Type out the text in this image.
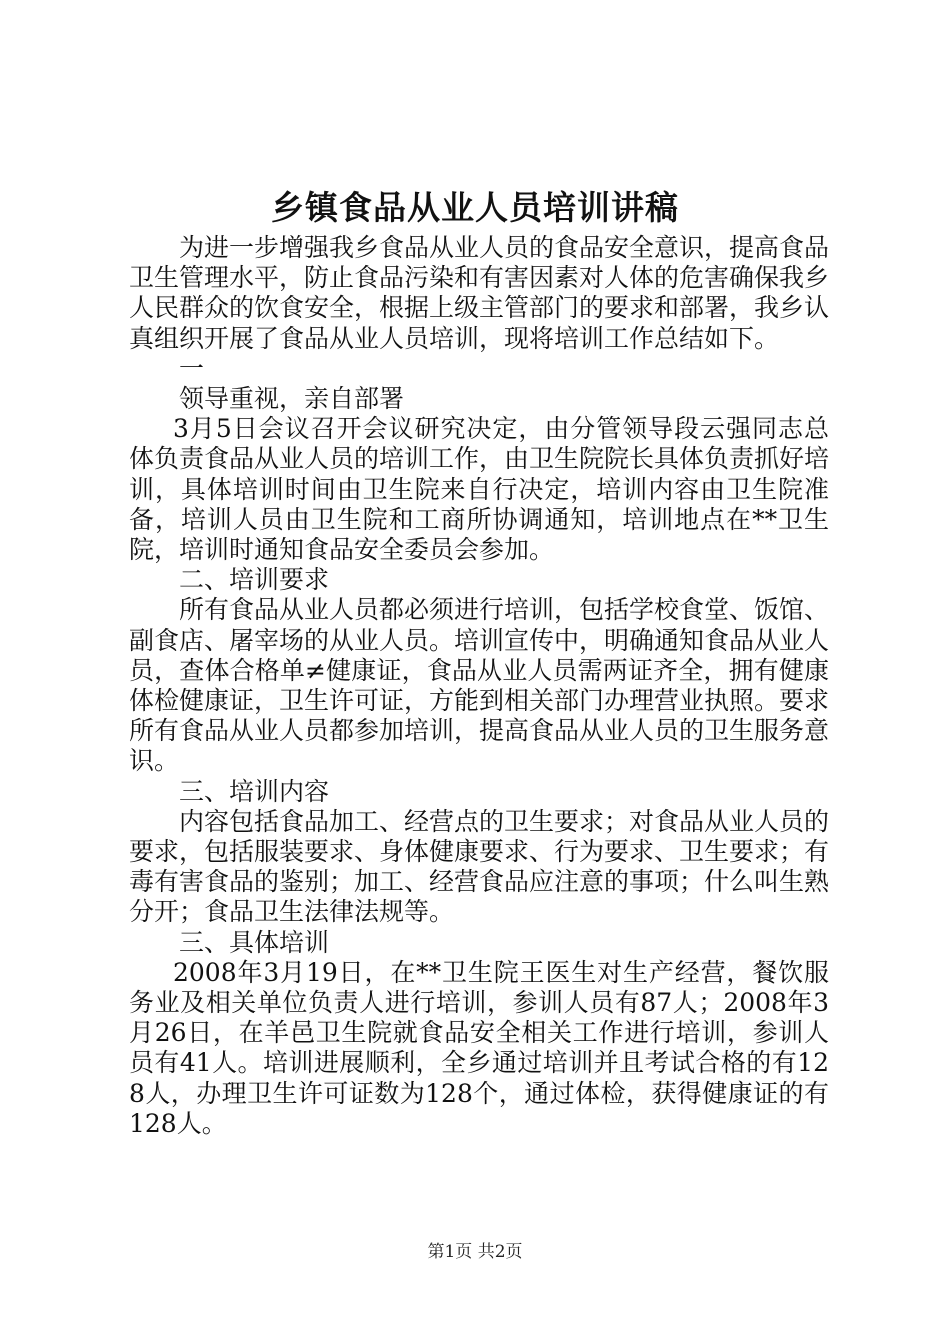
乡镇食品从业人员培训讲稿

为进一步增强我乡食品从业人员的食品安全意识，提高食品卫生管理水平，防止食品污染和有害因素对人体的危害确保我乡人民群众的饮食安全，根据上级主管部门的要求和部署，我乡认真组织开展了食品从业人员培训，现将培训工作总结如下。

一

领导重视，亲自部署

3月5日会议召开会议研究决定，由分管领导段云强同志总体负责食品从业人员的培训工作，由卫生院院长具体负责抓好培训，具体培训时间由卫生院来自行决定，培训内容由卫生院准备，培训人员由卫生院和工商所协调通知，培训地点在**卫生院，培训时通知食品安全委员会参加。

二、培训要求

所有食品从业人员都必须进行培训，包括学校食堂、饭馆、副食店、屠宰场的从业人员。培训宣传中，明确通知食品从业人员，查体合格单≠健康证，食品从业人员需两证齐全，拥有健康体检健康证，卫生许可证，方能到相关部门办理营业执照。要求所有食品从业人员都参加培训，提高食品从业人员的卫生服务意识。

三、培训内容

内容包括食品加工、经营点的卫生要求；对食品从业人员的要求，包括服装要求、身体健康要求、行为要求、卫生要求；有毒有害食品的鉴别；加工、经营食品应注意的事项；什么叫生熟分开；食品卫生法律法规等。

三、具体培训

2008年3月19日，在**卫生院王医生对生产经营，餐饮服务业及相关单位负责人进行培训，参训人员有87人；2008年3月26日，在羊邑卫生院就食品安全相关工作进行培训，参训人员有41人。培训进展顺利，全乡通过培训并且考试合格的有128人，办理卫生许可证数为128个，通过体检，获得健康证的有128人。

第1页 共2页
